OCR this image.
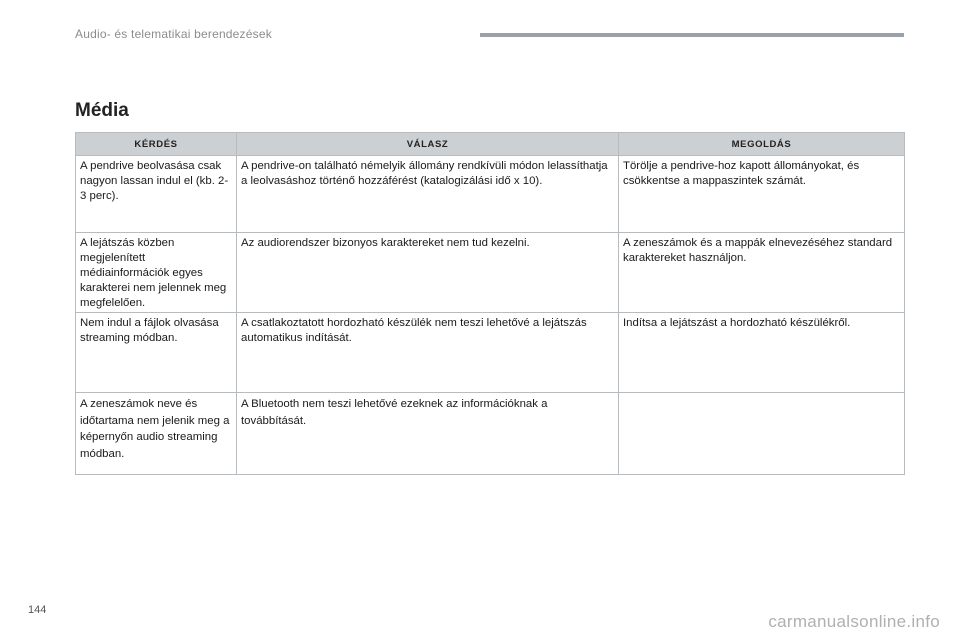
Audio- és telematikai berendezések
Média
KÉRDÉS	VÁLASZ	MEGOLDÁS
A pendrive beolvasása csak nagyon lassan indul el (kb. 2-3 perc).	A pendrive-on található némelyik állomány rendkívüli módon lelassíthatja a leolvasáshoz történő hozzáférést (katalogizálási idő x 10).	Törölje a pendrive-hoz kapott állományokat, és csökkentse a mappaszintek számát.
A lejátszás közben megjelenített médiainformációk egyes karakterei nem jelennek meg megfelelően.	Az audiorendszer bizonyos karaktereket nem tud kezelni.	A zeneszámok és a mappák elnevezéséhez standard karaktereket használjon.
Nem indul a fájlok olvasása streaming módban.	A csatlakoztatott hordozható készülék nem teszi lehetővé a lejátszás automatikus indítását.	Indítsa a lejátszást a hordozható készülékről.
A zeneszámok neve és időtartama nem jelenik meg a képernyőn audio streaming módban.	A Bluetooth nem teszi lehetővé ezeknek az információknak a továbbítását.	
144
carmanualsonline.info
